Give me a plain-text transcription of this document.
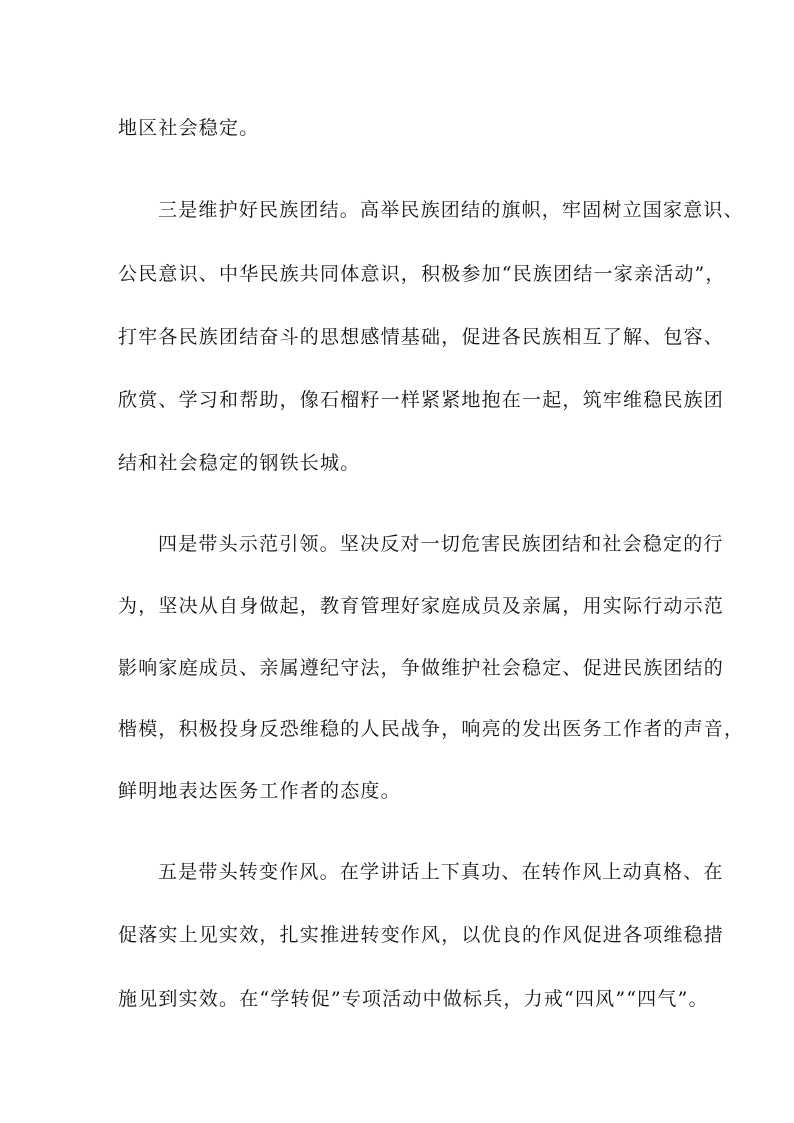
地区社会稳定。
三是维护好民族团结。高举民族团结的旗帜，牢固树立国家意识、
公民意识、中华民族共同体意识，积极参加“民族团结一家亲活动”，
打牢各民族团结奋斗的思想感情基础，促进各民族相互了解、包容、
欣赏、学习和帮助，像石榴籽一样紧紧地抱在一起，筑牢维稳民族团
结和社会稳定的钢铁长城。
四是带头示范引领。坚决反对一切危害民族团结和社会稳定的行
为，坚决从自身做起，教育管理好家庭成员及亲属，用实际行动示范
影响家庭成员、亲属遵纪守法，争做维护社会稳定、促进民族团结的
楷模，积极投身反恐维稳的人民战争，响亮的发出医务工作者的声音，
鲜明地表达医务工作者的态度。
五是带头转变作风。在学讲话上下真功、在转作风上动真格、在
促落实上见实效，扎实推进转变作风，以优良的作风促进各项维稳措
施见到实效。在“学转促”专项活动中做标兵，力戒“四风”“四气”。
